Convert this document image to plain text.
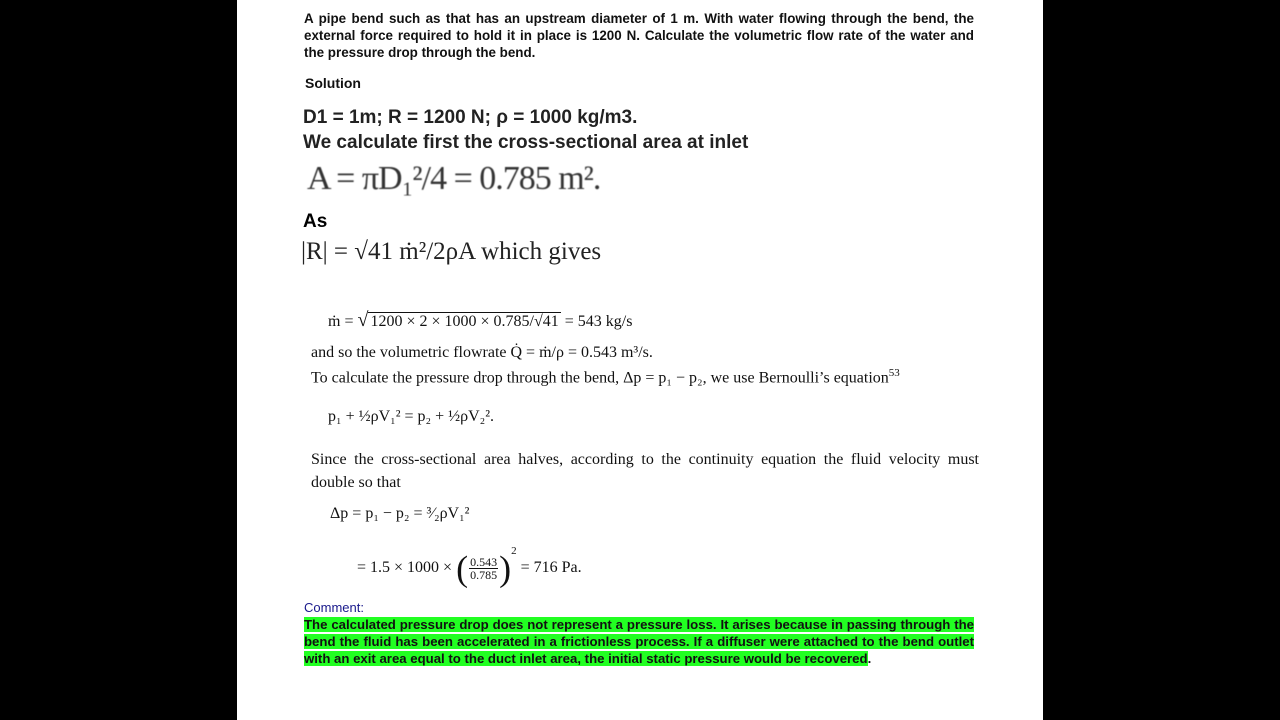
A pipe bend such as that has an upstream diameter of 1 m. With water flowing through the bend, the external force required to hold it in place is 1200 N. Calculate the volumetric flow rate of the water and the pressure drop through the bend.
Solution
D1 = 1m; R = 1200 N; ρ = 1000 kg/m3.
We calculate first the cross-sectional area at inlet
A = πD₁²/4 = 0.785 m².
As
|R| = √41 ṁ²/2ρA which gives
ṁ = √ 1200 × 2 × 1000 × 0.785/√41 = 543 kg/s
and so the volumetric flowrate Q̇ = ṁ/ρ = 0.543 m³/s.
To calculate the pressure drop through the bend, Δp = p₁ − p₂, we use Bernoulli’s equation$^{53}$
p₁ + ½ρV₁² = p₂ + ½ρV₂².
Since the cross-sectional area halves, according to the continuity equation the fluid velocity must double so that
Δp = p₁ − p₂ = ³⁄₂ρV₁²
= 1.5 × 1000 × ( $\frac{0.543}{0.785} )^2 = 716$ Pa.
Comment:
The calculated pressure drop does not represent a pressure loss. It arises because in passing through the bend the fluid has been accelerated in a frictionless process. If a diffuser were attached to the bend outlet with an exit area equal to the duct inlet area, the initial static pressure would be recovered.
